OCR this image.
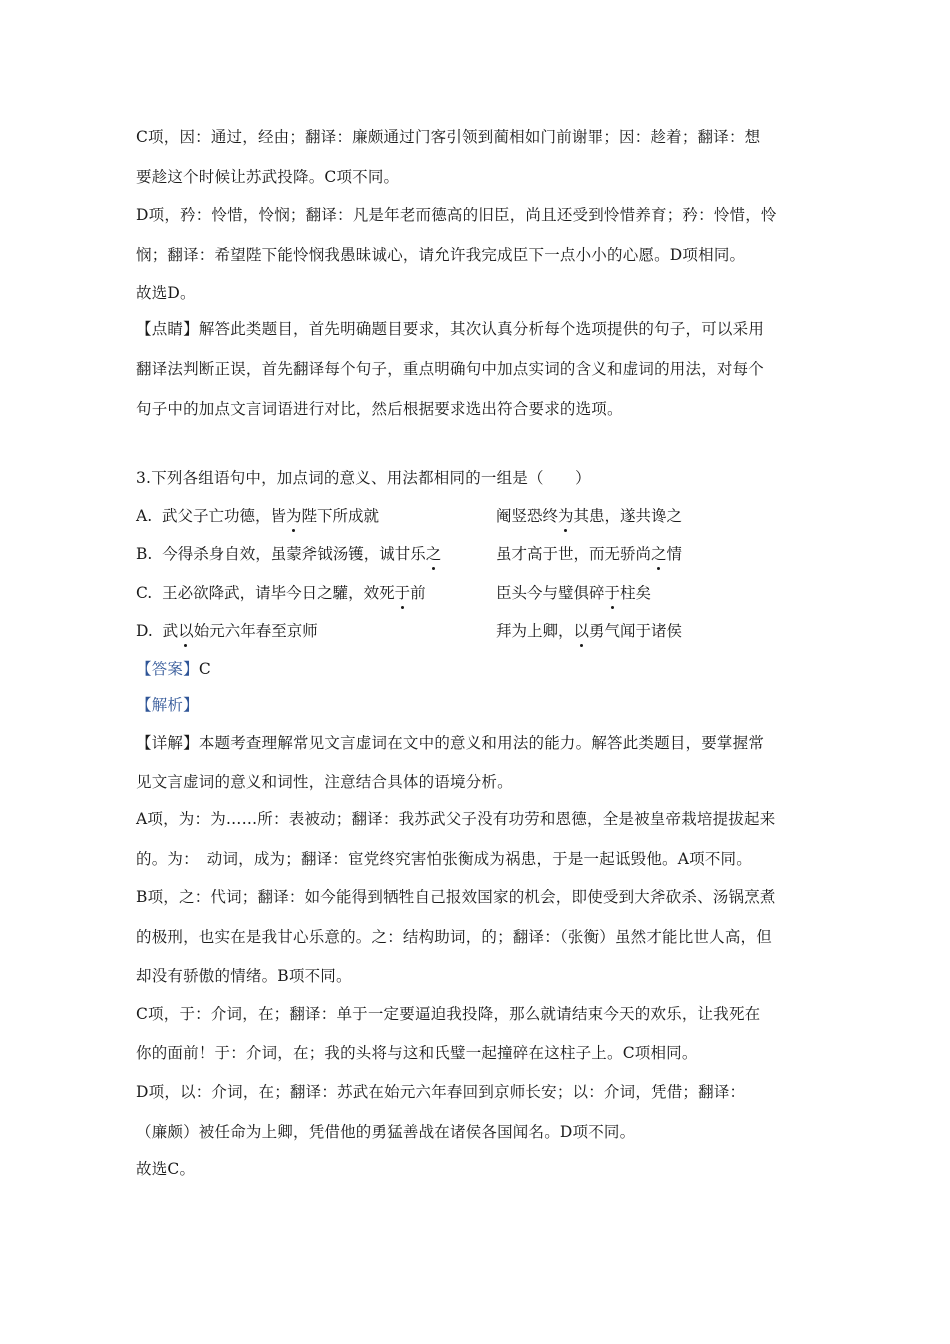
C项，因：通过，经由；翻译：廉颇通过门客引领到蔺相如门前谢罪；因：趁着；翻译：想
要趁这个时候让苏武投降。C项不同。
D项，矜：怜惜，怜悯；翻译：凡是年老而德高的旧臣，尚且还受到怜惜养育；矜：怜惜，怜
悯；翻译：希望陛下能怜悯我愚昧诚心，请允许我完成臣下一点小小的心愿。D项相同。
故选D。
【点睛】解答此类题目，首先明确题目要求，其次认真分析每个选项提供的句子，可以采用
翻译法判断正误，首先翻译每个句子，重点明确句中加点实词的含义和虚词的用法，对每个
句子中的加点文言词语进行对比，然后根据要求选出符合要求的选项。
3.下列各组语句中，加点词的意义、用法都相同的一组是（　　）
A. 武父子亡功德，皆为陛下所成就	阉竖恐终为其患，遂共谗之
B. 今得杀身自效，虽蒙斧钺汤镬，诚甘乐之	虽才高于世，而无骄尚之情
C. 王必欲降武，请毕今日之驩，效死于前	臣头今与璧俱碎于柱矣
D. 武以始元六年春至京师	拜为上卿，以勇气闻于诸侯
【答案】C
【解析】
【详解】本题考查理解常见文言虚词在文中的意义和用法的能力。解答此类题目，要掌握常
见文言虚词的意义和词性，注意结合具体的语境分析。
A项，为：为……所：表被动；翻译：我苏武父子没有功劳和恩德，全是被皇帝栽培提拔起来
的。为：　动词，成为；翻译：宦党终究害怕张衡成为祸患，于是一起诋毁他。A项不同。
B项，之：代词；翻译：如今能得到牺牲自己报效国家的机会，即使受到大斧砍杀、汤锅烹煮
的极刑，也实在是我甘心乐意的。之：结构助词，的；翻译：（张衡）虽然才能比世人高，但
却没有骄傲的情绪。B项不同。
C项，于：介词，在；翻译：单于一定要逼迫我投降，那么就请结束今天的欢乐，让我死在
你的面前！于：介词，在；我的头将与这和氏璧一起撞碎在这柱子上。C项相同。
D项，以：介词，在；翻译：苏武在始元六年春回到京师长安；以：介词，凭借；翻译：
（廉颇）被任命为上卿，凭借他的勇猛善战在诸侯各国闻名。D项不同。
故选C。
